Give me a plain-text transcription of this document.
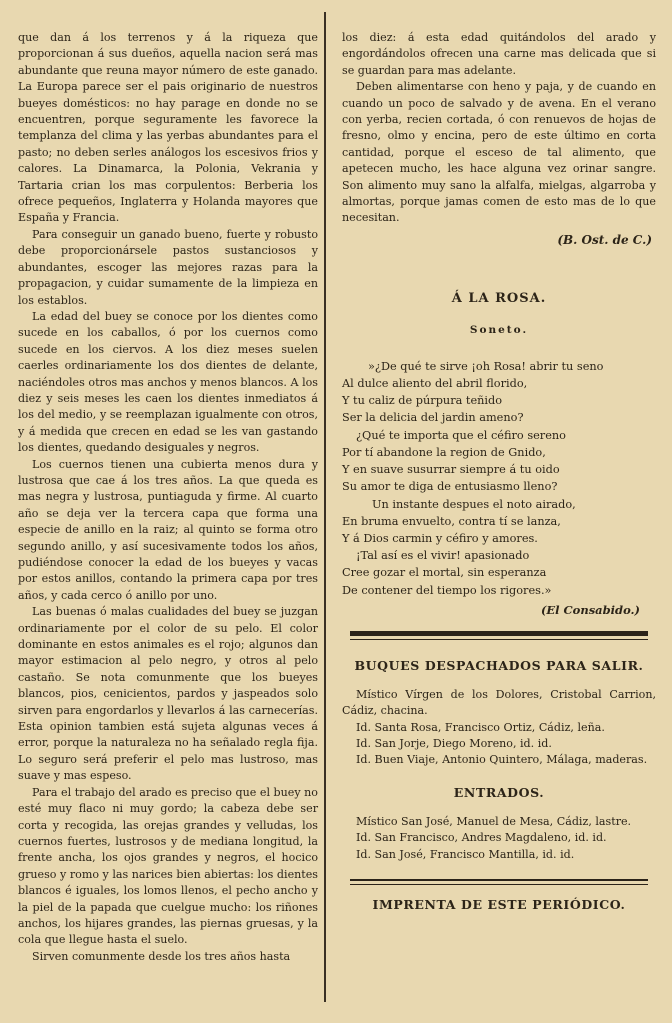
que dan á los terrenos y á la riqueza que proporcionan á sus dueños, aquella nacion será mas abundante que reuna mayor número de este ganado. La Europa parece ser el pais originario de nuestros bueyes domésticos: no hay parage en donde no se encuentren, porque seguramente les favorece la templanza del clima y las yerbas abundantes para el pasto; no deben serles análogos los escesivos frios y calores. La Dinamarca, la Polonia, Vekrania y Tartaria crian los mas corpulentos: Berberia los ofrece pequeños, Inglaterra y Holanda mayores que España y Francia.

Para conseguir un ganado bueno, fuerte y robusto debe proporcionársele pastos sustanciosos y abundantes, escoger las mejores razas para la propagacion, y cuidar sumamente de la limpieza en los establos.

La edad del buey se conoce por los dientes como sucede en los caballos, ó por los cuernos como sucede en los ciervos. A los diez meses suelen caerles ordinariamente los dos dientes de delante, naciéndoles otros mas anchos y menos blancos. A los diez y seis meses les caen los dientes inmediatos á los del medio, y se reemplazan igualmente con otros, y á medida que crecen en edad se les van gastando los dientes, quedando desiguales y negros.

Los cuernos tienen una cubierta menos dura y lustrosa que cae á los tres años. La que queda es mas negra y lustrosa, puntiaguda y firme. Al cuarto año se deja ver la tercera capa que forma una especie de anillo en la raiz; al quinto se forma otro segundo anillo, y así sucesivamente todos los años, pudiéndose conocer la edad de los bueyes y vacas por estos anillos, contando la primera capa por tres años, y cada cerco ó anillo por uno.

Las buenas ó malas cualidades del buey se juzgan ordinariamente por el color de su pelo. El color dominante en estos animales es el rojo; algunos dan mayor estimacion al pelo negro, y otros al pelo castaño. Se nota comunmente que los bueyes blancos, pios, cenicientos, pardos y jaspeados solo sirven para engordarlos y llevarlos á las carnecerías. Esta opinion tambien está sujeta algunas veces á error, porque la naturaleza no ha señalado regla fija. Lo seguro será preferir el pelo mas lustroso, mas suave y mas espeso.

Para el trabajo del arado es preciso que el buey no esté muy flaco ni muy gordo; la cabeza debe ser corta y recogida, las orejas grandes y velludas, los cuernos fuertes, lustrosos y de mediana longitud, la frente ancha, los ojos grandes y negros, el hocico grueso y romo y las narices bien abiertas: los dientes blancos é iguales, los lomos llenos, el pecho ancho y la piel de la papada que cuelgue mucho: los riñones anchos, los hijares grandes, las piernas gruesas, y la cola que llegue hasta el suelo.

Sirven comunmente desde los tres años hasta

los diez: á esta edad quitándolos del arado y engordándolos ofrecen una carne mas delicada que si se guardan para mas adelante.

Deben alimentarse con heno y paja, y de cuando en cuando un poco de salvado y de avena. En el verano con yerba, recien cortada, ó con renuevos de hojas de fresno, olmo y encina, pero de este último en corta cantidad, porque el esceso de tal alimento, que apetecen mucho, les hace alguna vez orinar sangre. Son alimento muy sano la alfalfa, mielgas, algarroba y almortas, porque jamas comen de esto mas de lo que necesitan.

(B. Ost. de C.)
Á LA ROSA.
Soneto.
»¿De qué te sirve ¡oh Rosa! abrir tu seno
Al dulce aliento del abril florido,
Y tu caliz de púrpura teñido
Ser la delicia del jardin ameno?
¿Qué te importa que el céfiro sereno
Por tí abandone la region de Gnido,
Y en suave susurrar siempre á tu oido
Su amor te diga de entusiasmo lleno?
Un instante despues el noto airado,
En bruma envuelto, contra tí se lanza,
Y á Dios carmin y céfiro y amores.
¡Tal así es el vivir! apasionado
Cree gozar el mortal, sin esperanza
De contener del tiempo los rigores.»
(El Consabido.)
BUQUES DESPACHADOS PARA SALIR.
Místico Vírgen de los Dolores, Cristobal Carrion, Cádiz, chacina.
Id. Santa Rosa, Francisco Ortiz, Cádiz, leña.
Id. San Jorje, Diego Moreno, id. id.
Id. Buen Viaje, Antonio Quintero, Málaga, maderas.
ENTRADOS.
Místico San José, Manuel de Mesa, Cádiz, lastre.
Id. San Francisco, Andres Magdaleno, id. id.
Id. San José, Francisco Mantilla, id. id.
IMPRENTA DE ESTE PERIÓDICO.
